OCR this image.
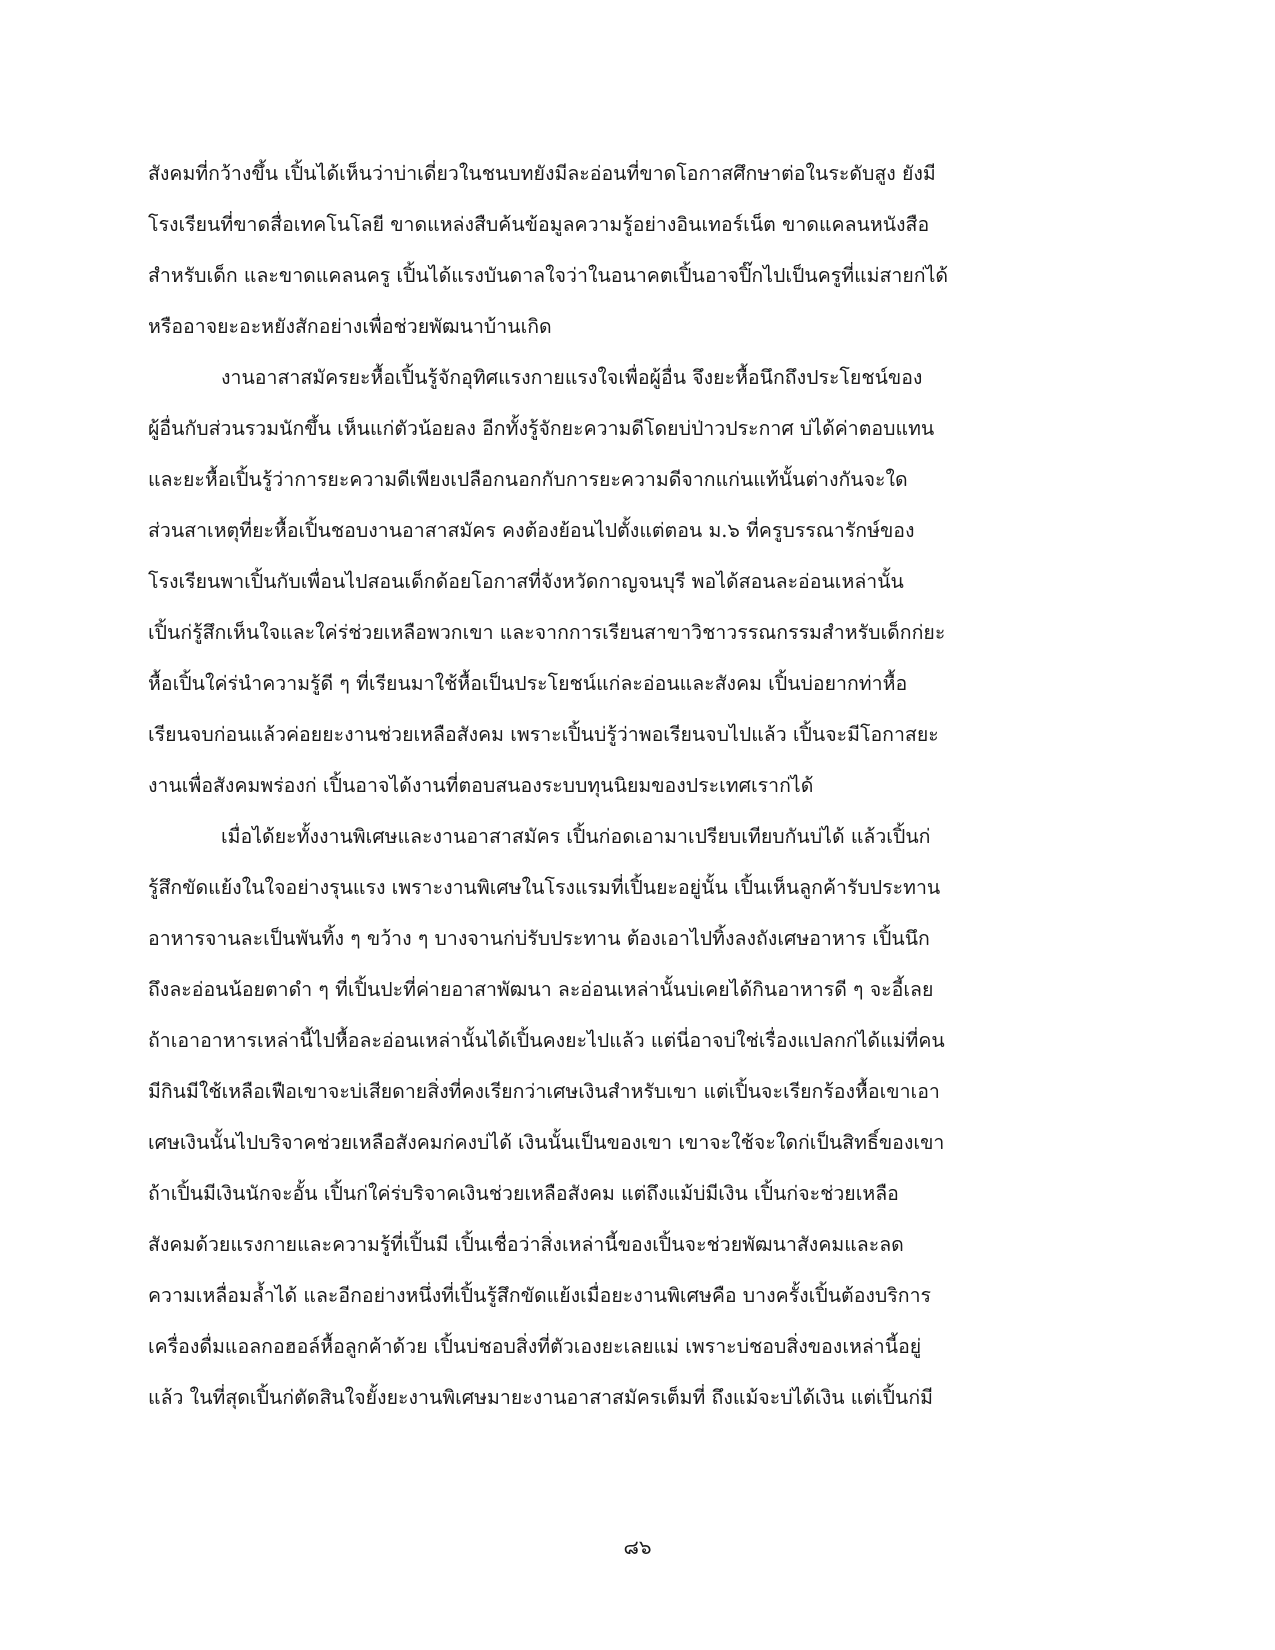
สังคมที่กว้างขึ้น เปิ้นได้เห็นว่าบ่าเดี่ยวในชนบทยังมีละอ่อนที่ขาดโอกาสศึกษาต่อในระดับสูง ยังมี
โรงเรียนที่ขาดสื่อเทคโนโลยี ขาดแหล่งสืบค้นข้อมูลความรู้อย่างอินเทอร์เน็ต ขาดแคลนหนังสือ
สำหรับเด็ก และขาดแคลนครู เปิ้นได้แรงบันดาลใจว่าในอนาคตเปิ้นอาจปิ๊กไปเป็นครูที่แม่สายก่ได้
หรืออาจยะอะหยังสักอย่างเพื่อช่วยพัฒนาบ้านเกิด
งานอาสาสมัครยะหื้อเปิ้นรู้จักอุทิศแรงกายแรงใจเพื่อผู้อื่น จึงยะหื้อนึกถึงประโยชน์ของ
ผู้อื่นกับส่วนรวมนักขึ้น เห็นแก่ตัวน้อยลง อีกทั้งรู้จักยะความดีโดยบ่ป่าวประกาศ บ่ได้ค่าตอบแทน
และยะหื้อเปิ้นรู้ว่าการยะความดีเพียงเปลือกนอกกับการยะความดีจากแก่นแท้นั้นต่างกันจะใด
ส่วนสาเหตุที่ยะหื้อเปิ้นชอบงานอาสาสมัคร คงต้องย้อนไปตั้งแต่ตอน ม.๖ ที่ครูบรรณารักษ์ของ
โรงเรียนพาเปิ้นกับเพื่อนไปสอนเด็กด้อยโอกาสที่จังหวัดกาญจนบุรี พอได้สอนละอ่อนเหล่านั้น
เปิ้นก่รู้สึกเห็นใจและใค่ร่ช่วยเหลือพวกเขา และจากการเรียนสาขาวิชาวรรณกรรมสำหรับเด็กก่ยะ
หื้อเปิ้นใค่ร่นำความรู้ดี ๆ ที่เรียนมาใช้หื้อเป็นประโยชน์แก่ละอ่อนและสังคม เปิ้นบ่อยากท่าหื้อ
เรียนจบก่อนแล้วค่อยยะงานช่วยเหลือสังคม เพราะเปิ้นบ่รู้ว่าพอเรียนจบไปแล้ว เปิ้นจะมีโอกาสยะ
งานเพื่อสังคมพร่องก่ เปิ้นอาจได้งานที่ตอบสนองระบบทุนนิยมของประเทศเราก่ได้
เมื่อได้ยะทั้งงานพิเศษและงานอาสาสมัคร เปิ้นก่อดเอามาเปรียบเทียบกันบ่ได้ แล้วเปิ้นก่
รู้สึกขัดแย้งในใจอย่างรุนแรง เพราะงานพิเศษในโรงแรมที่เปิ้นยะอยู่นั้น เปิ้นเห็นลูกค้ารับประทาน
อาหารจานละเป็นพันทิ้ง ๆ ขว้าง ๆ บางจานก่บ่รับประทาน ต้องเอาไปทิ้งลงถังเศษอาหาร เปิ้นนึก
ถึงละอ่อนน้อยตาดำ ๆ ที่เปิ้นปะที่ค่ายอาสาพัฒนา ละอ่อนเหล่านั้นบ่เคยได้กินอาหารดี ๆ จะอี้เลย
ถ้าเอาอาหารเหล่านี้ไปหื้อละอ่อนเหล่านั้นได้เปิ้นคงยะไปแล้ว แต่นี่อาจบ่ใช่เรื่องแปลกก่ได้แม่ที่คน
มีกินมีใช้เหลือเฟือเขาจะบ่เสียดายสิ่งที่คงเรียกว่าเศษเงินสำหรับเขา แต่เปิ้นจะเรียกร้องหื้อเขาเอา
เศษเงินนั้นไปบริจาคช่วยเหลือสังคมก่คงบ่ได้ เงินนั้นเป็นของเขา เขาจะใช้จะใดก่เป็นสิทธิ์ของเขา
ถ้าเปิ้นมีเงินนักจะอั้น เปิ้นก่ใค่ร่บริจาคเงินช่วยเหลือสังคม แต่ถึงแม้บ่มีเงิน เปิ้นก่จะช่วยเหลือ
สังคมด้วยแรงกายและความรู้ที่เปิ้นมี เปิ้นเชื่อว่าสิ่งเหล่านี้ของเปิ้นจะช่วยพัฒนาสังคมและลด
ความเหลื่อมล้ำได้ และอีกอย่างหนึ่งที่เปิ้นรู้สึกขัดแย้งเมื่อยะงานพิเศษคือ บางครั้งเปิ้นต้องบริการ
เครื่องดื่มแอลกอฮอล์หื้อลูกค้าด้วย เปิ้นบ่ชอบสิ่งที่ตัวเองยะเลยแม่ เพราะบ่ชอบสิ่งของเหล่านี้อยู่
แล้ว ในที่สุดเปิ้นก่ตัดสินใจยั้งยะงานพิเศษมายะงานอาสาสมัครเต็มที่ ถึงแม้จะบ่ได้เงิน แต่เปิ้นก่มี
๘๖
